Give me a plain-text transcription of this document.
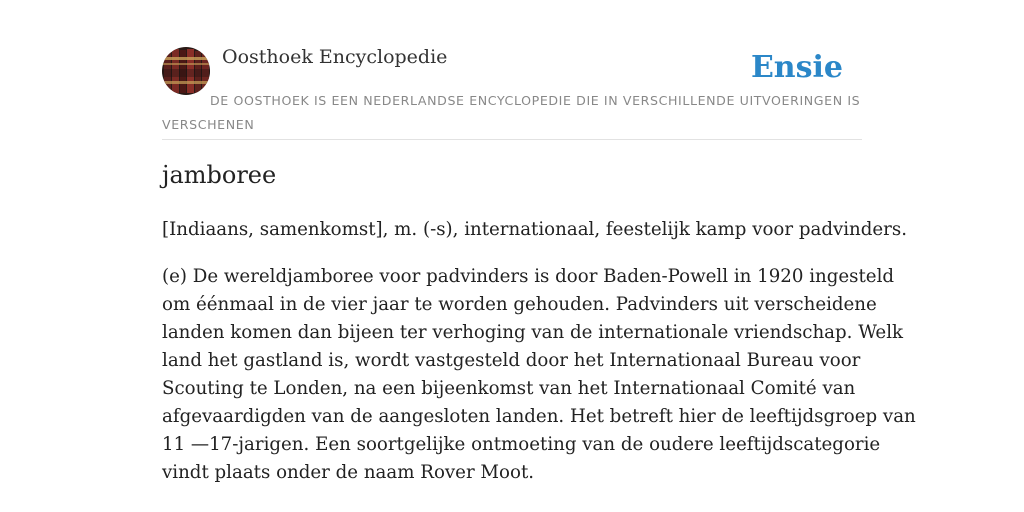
Oosthoek Encyclopedie	Ensie
DE OOSTHOEK IS EEN NEDERLANDSE ENCYCLOPEDIE DIE IN VERSCHILLENDE UITVOERINGEN IS VERSCHENEN
jamboree

[Indiaans, samenkomst], m. (-s), internationaal, feestelijk kamp voor padvinders.

(e) De wereldjamboree voor padvinders is door Baden-Powell in 1920 ingesteld
om éénmaal in de vier jaar te worden gehouden. Padvinders uit verscheidene
landen komen dan bijeen ter verhoging van de internationale vriendschap. Welk
land het gastland is, wordt vastgesteld door het Internationaal Bureau voor
Scouting te Londen, na een bijeenkomst van het Internationaal Comité van
afgevaardigden van de aangesloten landen. Het betreft hier de leeftijdsgroep van
11 —17-jarigen. Een soortgelijke ontmoeting van de oudere leeftijdscategorie
vindt plaats onder de naam Rover Moot.
